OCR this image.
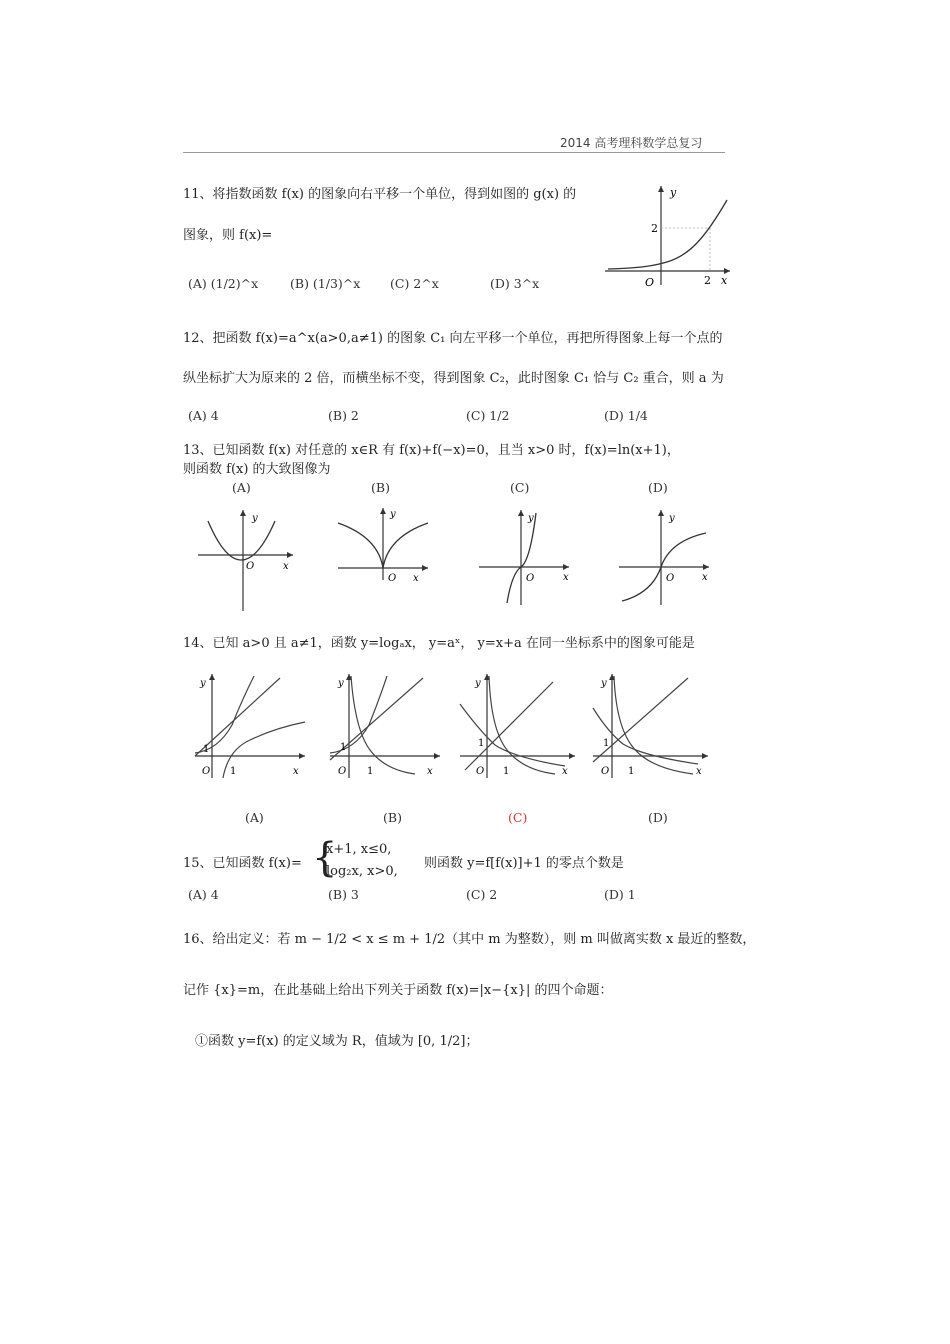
2014 高考理科数学总复习
11、将指数函数 f(x) 的图象向右平移一个单位，得到如图的 g(x) 的
图象，则 f(x)=
(A) (1/2)^x	(B) (1/3)^x (C) 2^x	(D) 3^x
y
x
O
2
2
12、把函数 f(x)=a^x(a>0,a≠1) 的图象 C₁ 向左平移一个单位，再把所得图象上每一个点的
纵坐标扩大为原来的 2 倍，而横坐标不变，得到图象 C₂，此时图象 C₁ 恰与 C₂ 重合，则 a 为
(A) 4	(B) 2	(C) 1/2	(D) 1/4
13、已知函数 f(x) 对任意的 x∈R 有 f(x)+f(−x)=0，且当 x>0 时，f(x)=ln(x+1)，
则函数 f(x) 的大致图像为
(A)	(B)	(C)	(D)
y
x
O
y
x
O
y
x
O
y
x
O
14、已知 a>0 且 a≠1，函数 y=logₐx， y=aˣ， y=x+a 在同一坐标系中的图象可能是
y
x
O 1
1
y
x
O 1
1
y
x
O 1
1
y
x
O 1
1
(A)	(B)	(C)	(D)
15、已知函数 f(x)= {
x+1, x≤0,
log₂x, x>0,
则函数 y=f[f(x)]+1 的零点个数是
(A) 4	(B) 3	(C) 2	(D) 1
16、给出定义：若 m − 1/2 < x ≤ m + 1/2（其中 m 为整数），则 m 叫做离实数 x 最近的整数，
记作 {x}=m，在此基础上给出下列关于函数 f(x)=|x−{x}| 的四个命题：
①函数 y=f(x) 的定义域为 R，值域为 [0, 1/2]；
